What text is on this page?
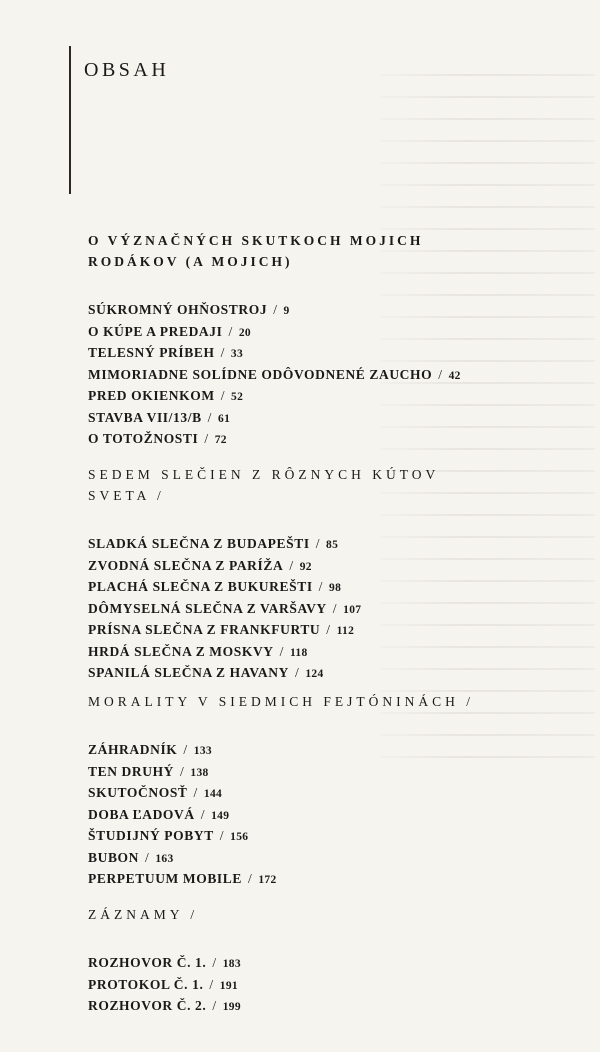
OBSAH

O VÝZNAČNÝCH SKUTKOCH MOJICH
RODÁKOV (A MOJICH)

SÚKROMNÝ OHŇOSTROJ / 9
O KÚPE A PREDAJI / 20
TELESNÝ PRÍBEH / 33
MIMORIADNE SOLÍDNE ODÔVODNENÉ ZAUCHO / 42
PRED OKIENKOM / 52
STAVBA VII/13/B / 61
O TOTOŽNOSTI / 72

SEDEM SLEČIEN Z RÔZNYCH KÚTOV
SVETA /

SLADKÁ SLEČNA Z BUDAPEŠTI / 85
ZVODNÁ SLEČNA Z PARÍŽA / 92
PLACHÁ SLEČNA Z BUKUREŠTI / 98
DÔMYSELNÁ SLEČNA Z VARŠAVY / 107
PRÍSNA SLEČNA Z FRANKFURTU / 112
HRDÁ SLEČNA Z MOSKVY / 118
SPANILÁ SLEČNA Z HAVANY / 124

MORALITY V SIEDMICH FEJTÓNINÁCH /

ZÁHRADNÍK / 133
TEN DRUHÝ / 138
SKUTOČNOSŤ / 144
DOBA ĽADOVÁ / 149
ŠTUDIJNÝ POBYT / 156
BUBON / 163
PERPETUUM MOBILE / 172

ZÁZNAMY /

ROZHOVOR Č. 1. / 183
PROTOKOL Č. 1. / 191
ROZHOVOR Č. 2. / 199
